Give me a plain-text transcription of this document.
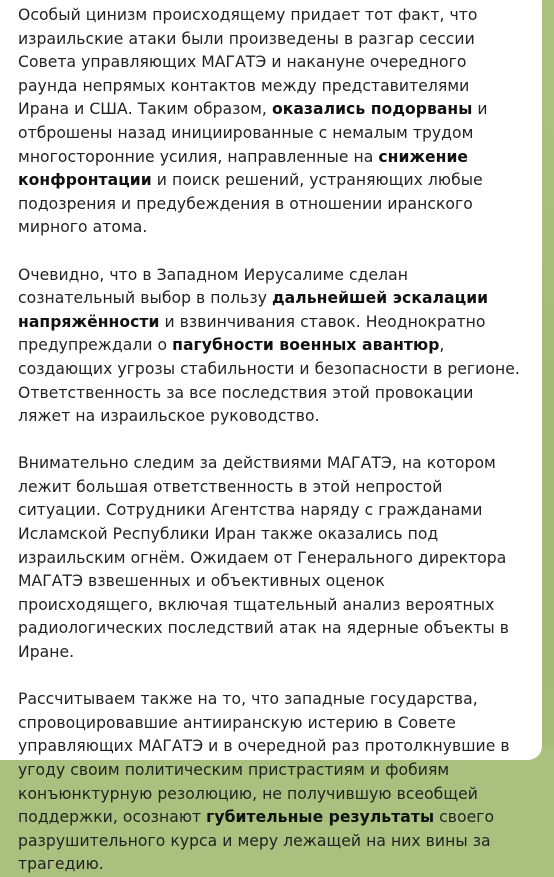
Особый цинизм происходящему придает тот факт, что израильские атаки были произведены в разгар сессии Совета управляющих МАГАТЭ и накануне очередного раунда непрямых контактов между представителями Ирана и США. Таким образом, оказались подорваны и отброшены назад инициированные с немалым трудом многосторонние усилия, направленные на снижение конфронтации и поиск решений, устраняющих любые подозрения и предубеждения в отношении иранского мирного атома.

Очевидно, что в Западном Иерусалиме сделан сознательный выбор в пользу дальнейшей эскалации напряжённости и взвинчивания ставок. Неоднократно предупреждали о пагубности военных авантюр, создающих угрозы стабильности и безопасности в регионе. Ответственность за все последствия этой провокации ляжет на израильское руководство.

Внимательно следим за действиями МАГАТЭ, на котором лежит большая ответственность в этой непростой ситуации. Сотрудники Агентства наряду с гражданами Исламской Республики Иран также оказались под израильским огнём. Ожидаем от Генерального директора МАГАТЭ взвешенных и объективных оценок происходящего, включая тщательный анализ вероятных радиологических последствий атак на ядерные объекты в Иране.

Рассчитываем также на то, что западные государства, спровоцировавшие антииранскую истерию в Совете управляющих МАГАТЭ и в очередной раз протолкнувшие в угоду своим политическим пристрастиям и фобиям конъюнктурную резолюцию, не получившую всеобщей поддержки, осознают губительные результаты своего разрушительного курса и меру лежащей на них вины за трагедию.
